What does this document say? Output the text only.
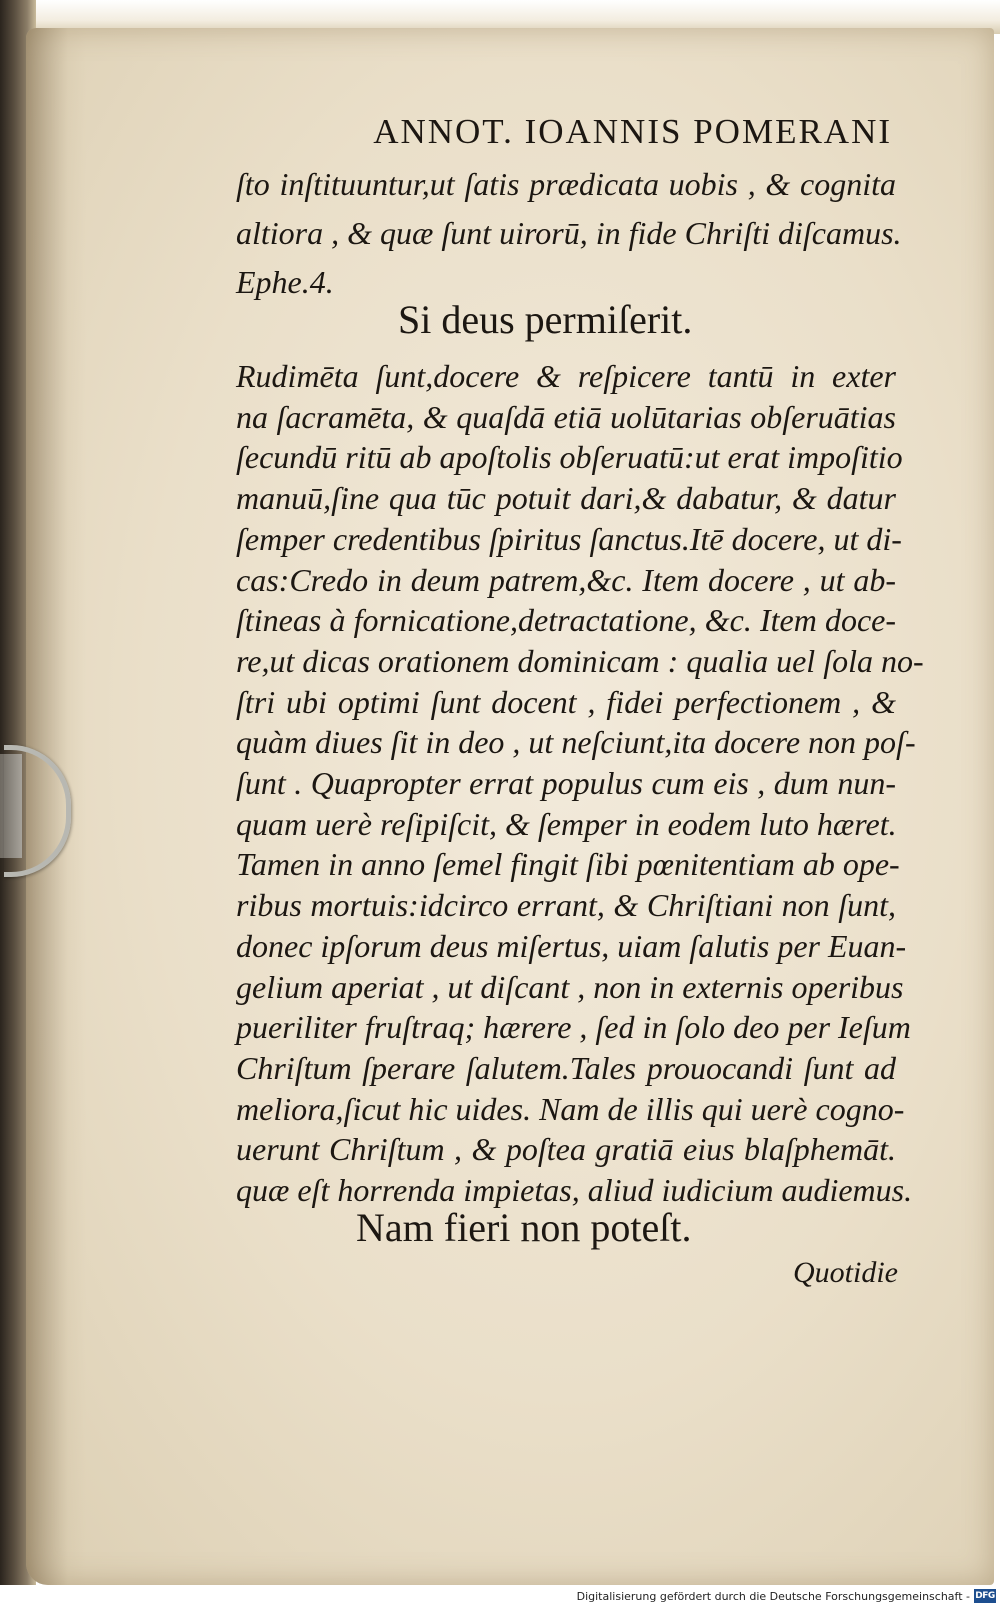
ANNOT. IOANNIS POMERANI
ſto inſtituuntur,ut ſatis prædicata uobis , & cognita
altiora , & quæ ſunt uirorū, in fide Chriſti diſcamus.
Ephe.4.
Si deus permiſerit.
Rudimēta ſunt,docere & reſpicere tantū in exter
na ſacramēta, & quaſdā etiā uolūtarias obſeruātias
ſecundū ritū ab apoſtolis obſeruatū:ut erat impoſitio
manuū,ſine qua tūc potuit dari,& dabatur, & datur
ſemper credentibus ſpiritus ſanctus.Itē docere, ut di-
cas:Credo in deum patrem,&c. Item docere , ut ab-
ſtineas à fornicatione,detractatione, &c. Item doce-
re,ut dicas orationem dominicam : qualia uel ſola no-
ſtri ubi optimi ſunt docent , fidei perfectionem , &
quàm diues ſit in deo , ut neſciunt,ita docere non poſ-
ſunt . Quapropter errat populus cum eis , dum nun-
quam uerè reſipiſcit, & ſemper in eodem luto hæret.
Tamen in anno ſemel fingit ſibi pœnitentiam ab ope-
ribus mortuis:idcirco errant, & Chriſtiani non ſunt,
donec ipſorum deus miſertus, uiam ſalutis per Euan-
gelium aperiat , ut diſcant , non in externis operibus
pueriliter fruſtraq; hærere , ſed in ſolo deo per Ieſum
Chriſtum ſperare ſalutem.Tales prouocandi ſunt ad
meliora,ſicut hic uides. Nam de illis qui uerè cogno-
uerunt Chriſtum , & poſtea gratiā eius blaſphemāt.
quæ eſt horrenda impietas, aliud iudicium audiemus.
Nam fieri non poteſt.
Quotidie
Digitalisierung gefördert durch die Deutsche Forschungsgemeinschaft - DFG
